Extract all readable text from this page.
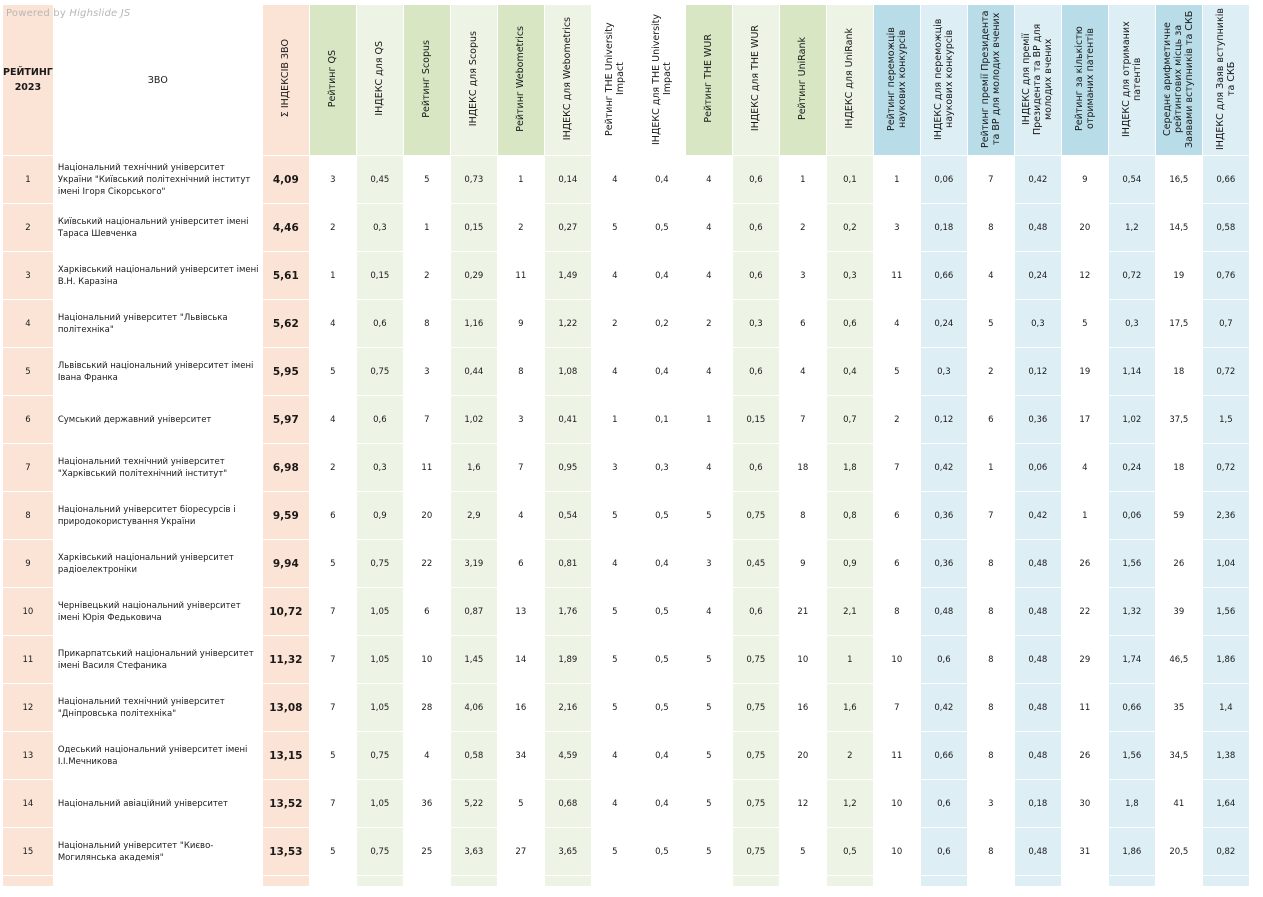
Powered by Highslide JS
РЕЙТИНГ 2023	ЗВО	Σ ІНДЕКСІВ ЗВО	Рейтинг QS	ІНДЕКС для QS	Рейтинг Scopus	ІНДЕКС для Scopus	Рейтинг Webometrics	ІНДЕКС для Webometrics	Рейтинг THE University Impact	ІНДЕКС для THE University Impact	Рейтинг THE WUR	ІНДЕКС для THE WUR	Рейтинг UniRank	ІНДЕКС для UniRank	Рейтинг переможців наукових конкурсів	ІНДЕКС для переможців наукових конкурсів	Рейтинг премії Президента та ВР для молодих вчених	ІНДЕКС для премії Президента та ВР для молодих вчених	Рейтинг за кількістю отриманих патентів	ІНДЕКС для отриманих патентів	Середнє арифметичне рейтингових місць за Заявами вступників та СКБ	ІНДЕКС для Заяв вступників та СКБ
1	Національний технічний університет України "Київський політехнічний інститут імені Ігоря Сікорського"	4,09	3	0,45	5	0,73	1	0,14	4	0,4	4	0,6	1	0,1	1	0,06	7	0,42	9	0,54	16,5	0,66
2	Київський національний університет імені Тараса Шевченка	4,46	2	0,3	1	0,15	2	0,27	5	0,5	4	0,6	2	0,2	3	0,18	8	0,48	20	1,2	14,5	0,58
3	Харківський національний університет імені В.Н. Каразіна	5,61	1	0,15	2	0,29	11	1,49	4	0,4	4	0,6	3	0,3	11	0,66	4	0,24	12	0,72	19	0,76
4	Національний університет "Львівська політехніка"	5,62	4	0,6	8	1,16	9	1,22	2	0,2	2	0,3	6	0,6	4	0,24	5	0,3	5	0,3	17,5	0,7
5	Львівський національний університет імені Івана Франка	5,95	5	0,75	3	0,44	8	1,08	4	0,4	4	0,6	4	0,4	5	0,3	2	0,12	19	1,14	18	0,72
6	Сумський державний університет	5,97	4	0,6	7	1,02	3	0,41	1	0,1	1	0,15	7	0,7	2	0,12	6	0,36	17	1,02	37,5	1,5
7	Національний технічний університет "Харківський політехнічний інститут"	6,98	2	0,3	11	1,6	7	0,95	3	0,3	4	0,6	18	1,8	7	0,42	1	0,06	4	0,24	18	0,72
8	Національний університет біоресурсів і природокористування України	9,59	6	0,9	20	2,9	4	0,54	5	0,5	5	0,75	8	0,8	6	0,36	7	0,42	1	0,06	59	2,36
9	Харківський національний університет радіоелектроніки	9,94	5	0,75	22	3,19	6	0,81	4	0,4	3	0,45	9	0,9	6	0,36	8	0,48	26	1,56	26	1,04
10	Чернівецький національний університет імені Юрія Федьковича	10,72	7	1,05	6	0,87	13	1,76	5	0,5	4	0,6	21	2,1	8	0,48	8	0,48	22	1,32	39	1,56
11	Прикарпатський національний університет імені Василя Стефаника	11,32	7	1,05	10	1,45	14	1,89	5	0,5	5	0,75	10	1	10	0,6	8	0,48	29	1,74	46,5	1,86
12	Національний технічний університет "Дніпровська політехніка"	13,08	7	1,05	28	4,06	16	2,16	5	0,5	5	0,75	16	1,6	7	0,42	8	0,48	11	0,66	35	1,4
13	Одеський національний університет імені І.І.Мечникова	13,15	5	0,75	4	0,58	34	4,59	4	0,4	5	0,75	20	2	11	0,66	8	0,48	26	1,56	34,5	1,38
14	Національний авіаційний університет	13,52	7	1,05	36	5,22	5	0,68	4	0,4	5	0,75	12	1,2	10	0,6	3	0,18	30	1,8	41	1,64
15	Національний університет "Києво-Могилянська академія"	13,53	5	0,75	25	3,63	27	3,65	5	0,5	5	0,75	5	0,5	10	0,6	8	0,48	31	1,86	20,5	0,82
